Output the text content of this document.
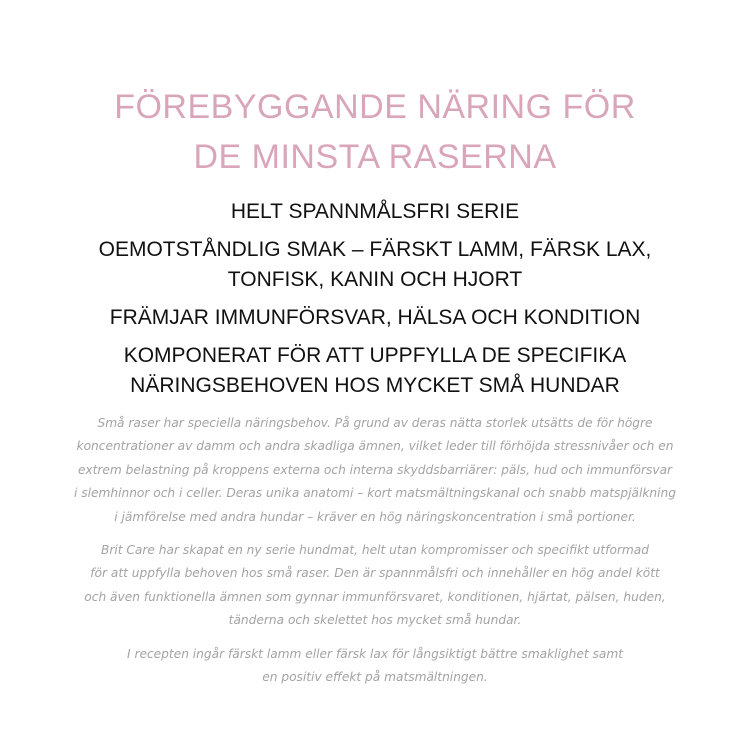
FÖREBYGGANDE NÄRING FÖR
DE MINSTA RASERNA
HELT SPANNMÅLSFRI SERIE
OEMOTSTÅNDLIG SMAK – FÄRSKT LAMM, FÄRSK LAX,
TONFISK, KANIN OCH HJORT
FRÄMJAR IMMUNFÖRSVAR, HÄLSA OCH KONDITION
KOMPONERAT FÖR ATT UPPFYLLA DE SPECIFIKA
NÄRINGSBEHOVEN HOS MYCKET SMÅ HUNDAR

Små raser har speciella näringsbehov. På grund av deras nätta storlek utsätts de för högre
koncentrationer av damm och andra skadliga ämnen, vilket leder till förhöjda stressnivåer och en
extrem belastning på kroppens externa och interna skyddsbarriärer: päls, hud och immunförsvar
i slemhinnor och i celler. Deras unika anatomi – kort matsmältningskanal och snabb matspjälkning
i jämförelse med andra hundar – kräver en hög näringskoncentration i små portioner.

Brit Care har skapat en ny serie hundmat, helt utan kompromisser och specifikt utformad
för att uppfylla behoven hos små raser. Den är spannmålsfri och innehåller en hög andel kött
och även funktionella ämnen som gynnar immunförsvaret, konditionen, hjärtat, pälsen, huden,
tänderna och skelettet hos mycket små hundar.

I recepten ingår färskt lamm eller färsk lax för långsiktigt bättre smaklighet samt
en positiv effekt på matsmältningen.
